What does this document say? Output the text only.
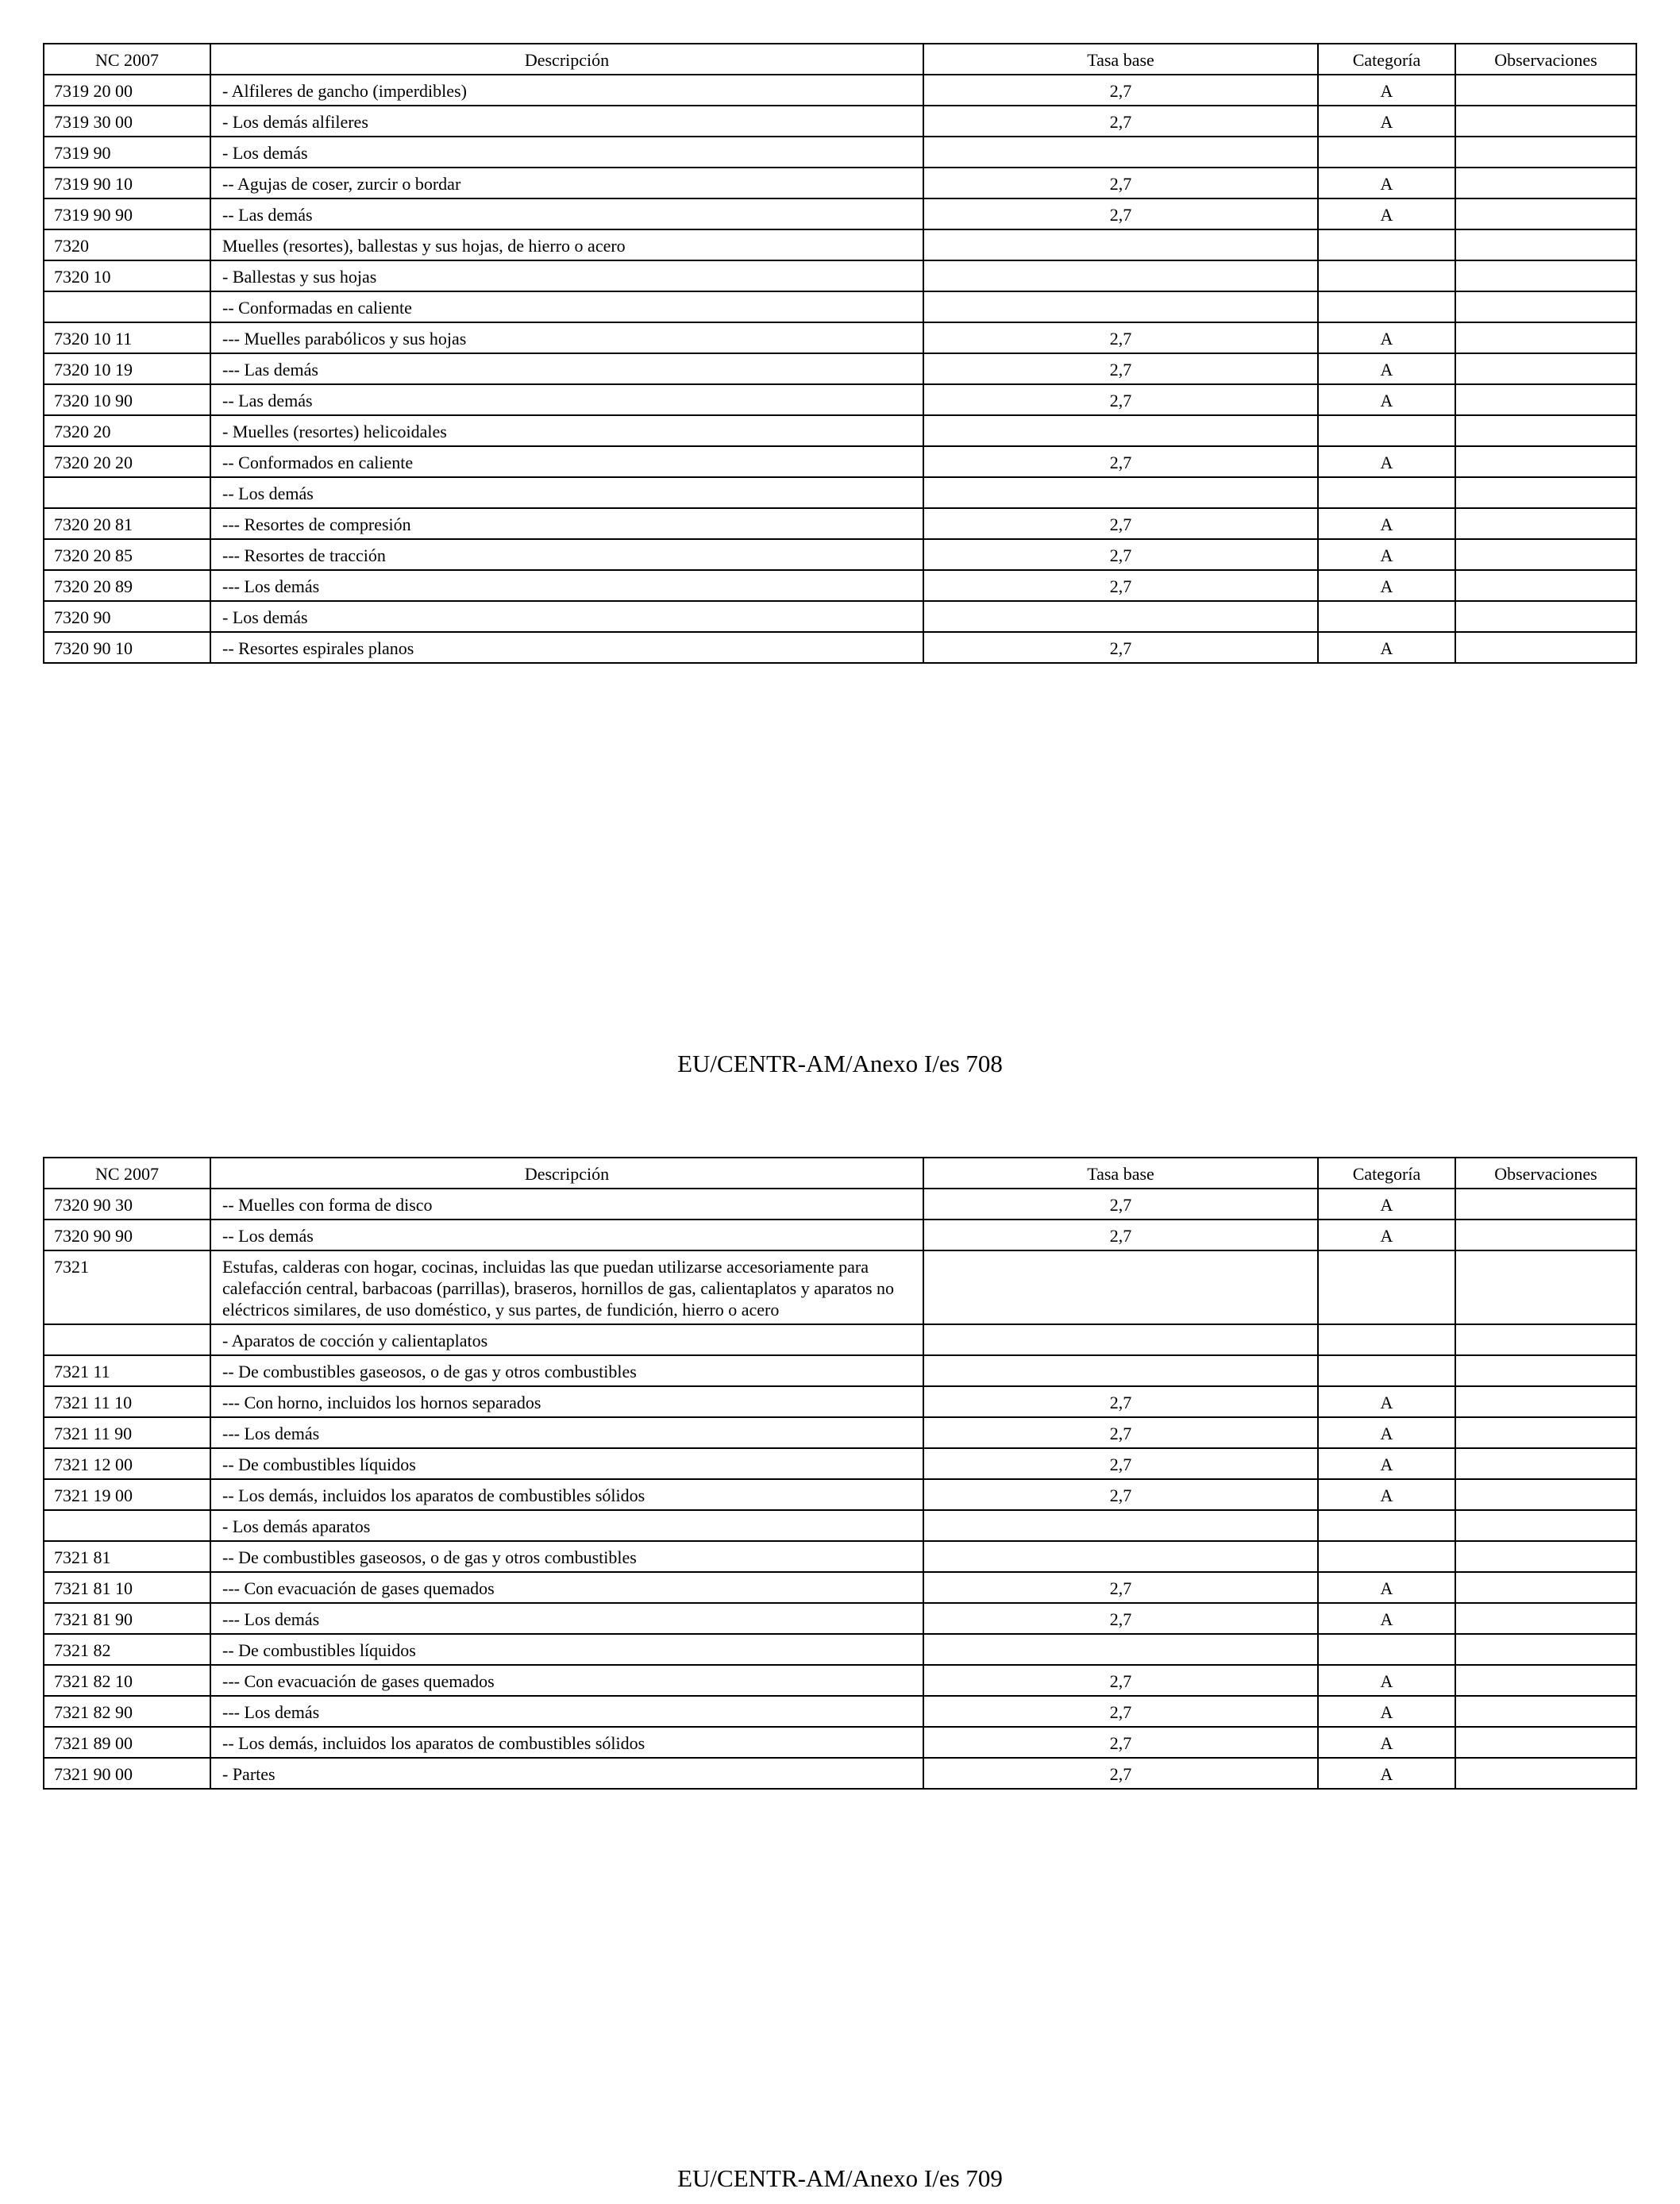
NC 2007	Descripción	Tasa base	Categoría	Observaciones
7319 20 00	- Alfileres de gancho (imperdibles)	2,7	A	
7319 30 00	- Los demás alfileres	2,7	A	
7319 90	- Los demás			
7319 90 10	-- Agujas de coser, zurcir o bordar	2,7	A	
7319 90 90	-- Las demás	2,7	A	
7320	Muelles (resortes), ballestas y sus hojas, de hierro o acero			
7320 10	- Ballestas y sus hojas			
	-- Conformadas en caliente			
7320 10 11	--- Muelles parabólicos y sus hojas	2,7	A	
7320 10 19	--- Las demás	2,7	A	
7320 10 90	-- Las demás	2,7	A	
7320 20	- Muelles (resortes) helicoidales			
7320 20 20	-- Conformados en caliente	2,7	A	
	-- Los demás			
7320 20 81	--- Resortes de compresión	2,7	A	
7320 20 85	--- Resortes de tracción	2,7	A	
7320 20 89	--- Los demás	2,7	A	
7320 90	- Los demás			
7320 90 10	-- Resortes espirales planos	2,7	A	
EU/CENTR-AM/Anexo I/es 708
NC 2007	Descripción	Tasa base	Categoría	Observaciones
7320 90 30	-- Muelles con forma de disco	2,7	A	
7320 90 90	-- Los demás	2,7	A	
7321	Estufas, calderas con hogar, cocinas, incluidas las que puedan utilizarse accesoriamente para calefacción central, barbacoas (parrillas), braseros, hornillos de gas, calientaplatos y aparatos no eléctricos similares, de uso doméstico, y sus partes, de fundición, hierro o acero			
	- Aparatos de cocción y calientaplatos			
7321 11	-- De combustibles gaseosos, o de gas y otros combustibles			
7321 11 10	--- Con horno, incluidos los hornos separados	2,7	A	
7321 11 90	--- Los demás	2,7	A	
7321 12 00	-- De combustibles líquidos	2,7	A	
7321 19 00	-- Los demás, incluidos los aparatos de combustibles sólidos	2,7	A	
	- Los demás aparatos			
7321 81	-- De combustibles gaseosos, o de gas y otros combustibles			
7321 81 10	--- Con evacuación de gases quemados	2,7	A	
7321 81 90	--- Los demás	2,7	A	
7321 82	-- De combustibles líquidos			
7321 82 10	--- Con evacuación de gases quemados	2,7	A	
7321 82 90	--- Los demás	2,7	A	
7321 89 00	-- Los demás, incluidos los aparatos de combustibles sólidos	2,7	A	
7321 90 00	- Partes	2,7	A	
EU/CENTR-AM/Anexo I/es 709
